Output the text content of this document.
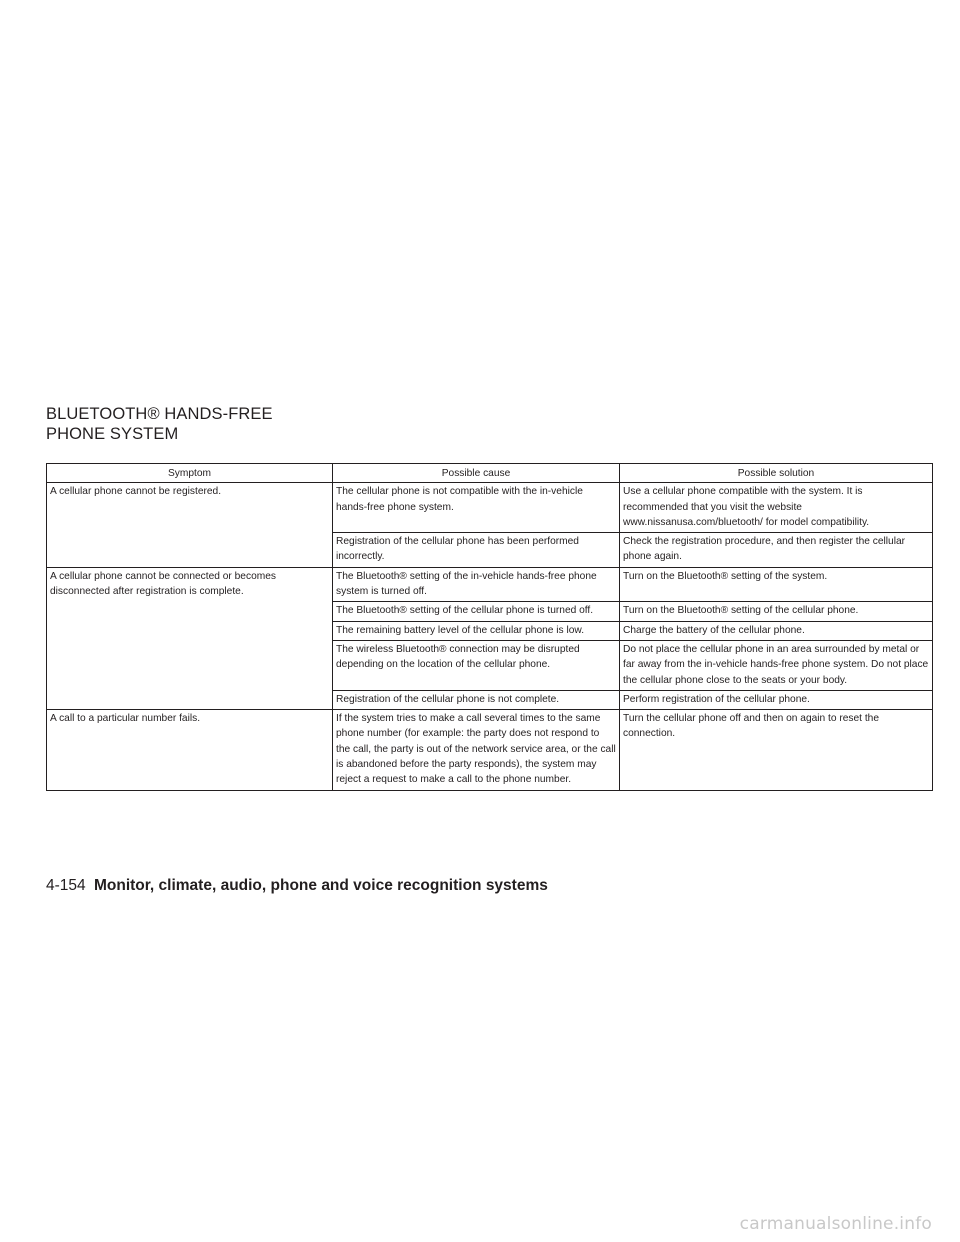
BLUETOOTH® HANDS-FREE
PHONE SYSTEM
Symptom	Possible cause	Possible solution
A cellular phone cannot be registered.	The cellular phone is not compatible with the in-vehicle hands-free phone system.	Use a cellular phone compatible with the system. It is recommended that you visit the website www.nissanusa.com/bluetooth/ for model compatibility.
	Registration of the cellular phone has been performed incorrectly.	Check the registration procedure, and then register the cellular phone again.
A cellular phone cannot be connected or becomes disconnected after registration is complete.	The Bluetooth® setting of the in-vehicle hands-free phone system is turned off.	Turn on the Bluetooth® setting of the system.
	The Bluetooth® setting of the cellular phone is turned off.	Turn on the Bluetooth® setting of the cellular phone.
	The remaining battery level of the cellular phone is low.	Charge the battery of the cellular phone.
	The wireless Bluetooth® connection may be disrupted depending on the location of the cellular phone.	Do not place the cellular phone in an area surrounded by metal or far away from the in-vehicle hands-free phone system. Do not place the cellular phone close to the seats or your body.
	Registration of the cellular phone is not complete.	Perform registration of the cellular phone.
A call to a particular number fails.	If the system tries to make a call several times to the same phone number (for example: the party does not respond to the call, the party is out of the network service area, or the call is abandoned before the party responds), the system may reject a request to make a call to the phone number.	Turn the cellular phone off and then on again to reset the connection.
4-154 Monitor, climate, audio, phone and voice recognition systems
carmanualsonline.info
